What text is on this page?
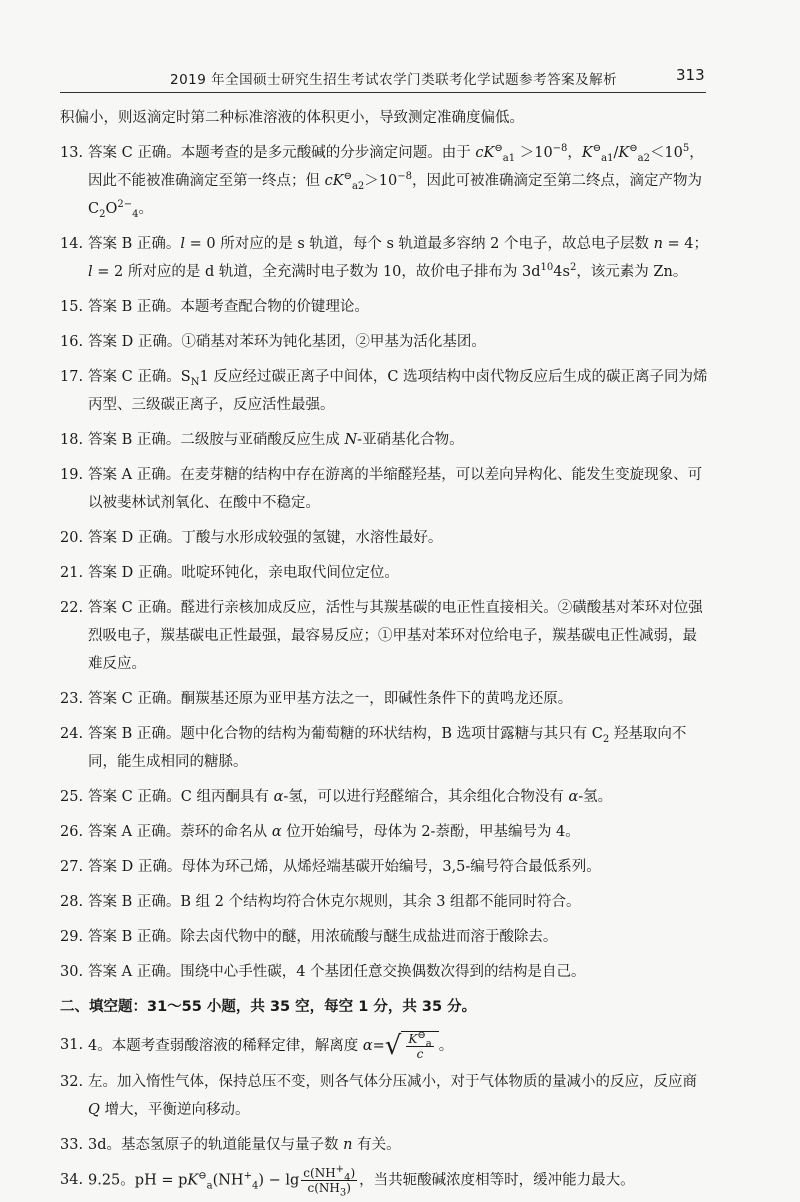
2019 年全国硕士研究生招生考试农学门类联考化学试题参考答案及解析	313

积偏小，则返滴定时第二种标准溶液的体积更小，导致测定准确度偏低。

13. 答案 C 正确。本题考查的是多元酸碱的分步滴定问题。由于 $cK^⊖_{a1} >10^{-8}$，$K^⊖_{a1}/K^⊖_{a2}<10^5$，因此不能被准确滴定至第一终点；但 $cK^⊖_{a2}>10^{-8}$，因此可被准确滴定至第二终点，滴定产物为 $C_2O^{2-}_4$。
14. 答案 B 正确。l = 0 所对应的是 s 轨道，每个 s 轨道最多容纳 2 个电子，故总电子层数 n = 4；l = 2 所对应的是 d 轨道，全充满时电子数为 10，故价电子排布为 $3d^{10}4s^2$，该元素为 Zn。
15. 答案 B 正确。本题考查配合物的价键理论。
16. 答案 D 正确。①硝基对苯环为钝化基团，②甲基为活化基团。
17. 答案 C 正确。$S_N1$ 反应经过碳正离子中间体，C 选项结构中卤代物反应后生成的碳正离子同为烯丙型、三级碳正离子，反应活性最强。
18. 答案 B 正确。二级胺与亚硝酸反应生成 N-亚硝基化合物。
19. 答案 A 正确。在麦芽糖的结构中存在游离的半缩醛羟基，可以差向异构化、能发生变旋现象、可以被斐林试剂氧化、在酸中不稳定。
20. 答案 D 正确。丁酸与水形成较强的氢键，水溶性最好。
21. 答案 D 正确。吡啶环钝化，亲电取代间位定位。
22. 答案 C 正确。醛进行亲核加成反应，活性与其羰基碳的电正性直接相关。②磺酸基对苯环对位强烈吸电子，羰基碳电正性最强，最容易反应；①甲基对苯环对位给电子，羰基碳电正性减弱，最难反应。
23. 答案 C 正确。酮羰基还原为亚甲基方法之一，即碱性条件下的黄鸣龙还原。
24. 答案 B 正确。题中化合物的结构为葡萄糖的环状结构，B 选项甘露糖与其只有 $C_2$ 羟基取向不同，能生成相同的糖脎。
25. 答案 C 正确。C 组丙酮具有 α-氢，可以进行羟醛缩合，其余组化合物没有 α-氢。
26. 答案 A 正确。萘环的命名从 α 位开始编号，母体为 2-萘酚，甲基编号为 4。
27. 答案 D 正确。母体为环己烯，从烯烃端基碳开始编号，3,5-编号符合最低系列。
28. 答案 B 正确。B 组 2 个结构均符合休克尔规则，其余 3 组都不能同时符合。
29. 答案 B 正确。除去卤代物中的醚，用浓硫酸与醚生成盐进而溶于酸除去。
30. 答案 A 正确。围绕中心手性碳，4 个基团任意交换偶数次得到的结构是自己。
二、填空题：31～55 小题，共 35 空，每空 1 分，共 35 分。
31. 4。本题考查弱酸溶液的稀释定律，解离度 α= √ $\frac{K^⊖_a}{c}$ 。
32. 左。加入惰性气体，保持总压不变，则各气体分压减小，对于气体物质的量减小的反应，反应商 Q 增大，平衡逆向移动。
33. 3d。基态氢原子的轨道能量仅与量子数 n 有关。
34. 9.25。pH = $pK^⊖_a(NH^+_4) - \lg \frac{c(NH^+_4)}{c(NH_3)}$ ，当共轭酸碱浓度相等时，缓冲能力最大。
